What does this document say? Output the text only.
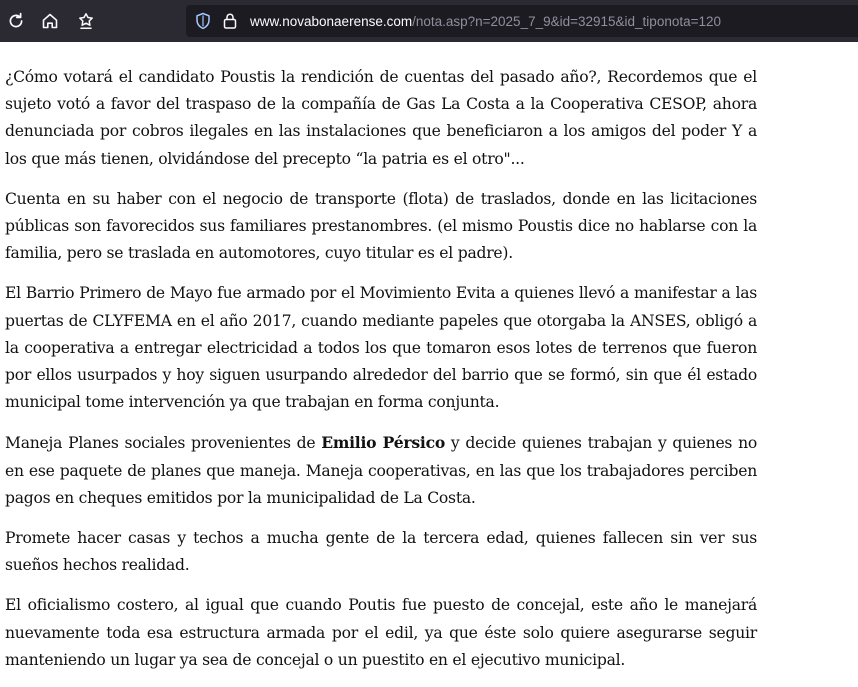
www.novabonaerense.com/nota.asp?n=2025_7_9&id=32915&id_tiponota=120

¿Cómo votará el candidato Poustis la rendición de cuentas del pasado año?, Recordemos que el sujeto votó a favor del traspaso de la compañía de Gas La Costa a la Cooperativa CESOP, ahora denunciada por cobros ilegales en las instalaciones que beneficiaron a los amigos del poder Y a los que más tienen, olvidándose del precepto “la patria es el otro"...

Cuenta en su haber con el negocio de transporte (flota) de traslados, donde en las licitaciones públicas son favorecidos sus familiares prestanombres. (el mismo Poustis dice no hablarse con la familia, pero se traslada en automotores, cuyo titular es el padre).

El Barrio Primero de Mayo fue armado por el Movimiento Evita a quienes llevó a manifestar a las puertas de CLYFEMA en el año 2017, cuando mediante papeles que otorgaba la ANSES, obligó a la cooperativa a entregar electricidad a todos los que tomaron esos lotes de terrenos que fueron por ellos usurpados y hoy siguen usurpando alrededor del barrio que se formó, sin que él estado municipal tome intervención ya que trabajan en forma conjunta.

Maneja Planes sociales provenientes de Emilio Pérsico y decide quienes trabajan y quienes no en ese paquete de planes que maneja. Maneja cooperativas, en las que los trabajadores perciben pagos en cheques emitidos por la municipalidad de La Costa.

Promete hacer casas y techos a mucha gente de la tercera edad, quienes fallecen sin ver sus sueños hechos realidad.

El oficialismo costero, al igual que cuando Poutis fue puesto de concejal, este año le manejará nuevamente toda esa estructura armada por el edil, ya que éste solo quiere asegurarse seguir manteniendo un lugar ya sea de concejal o un puestito en el ejecutivo municipal.
